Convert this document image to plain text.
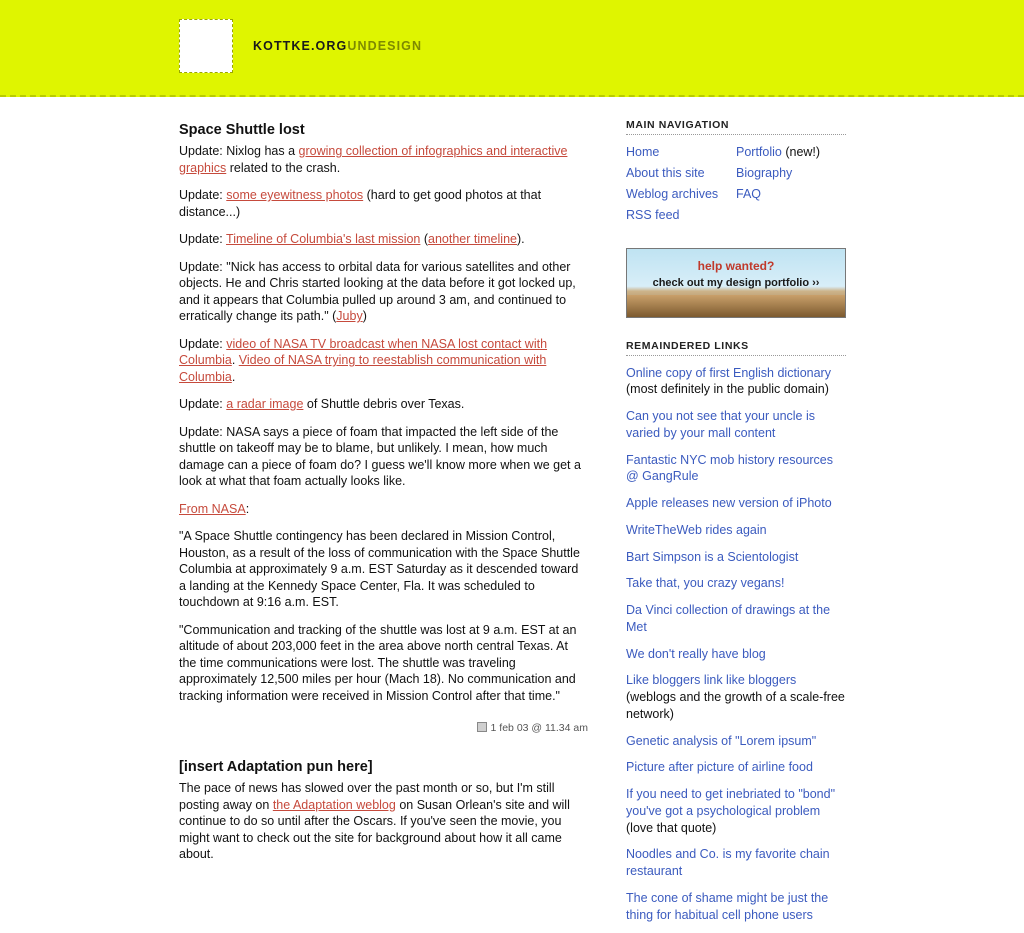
KOTTKE.ORGUNDESIGN
Space Shuttle lost

Update: Nixlog has a growing collection of infographics and interactive graphics related to the crash.

Update: some eyewitness photos (hard to get good photos at that distance...)

Update: Timeline of Columbia's last mission (another timeline).

Update: "Nick has access to orbital data for various satellites and other objects. He and Chris started looking at the data before it got locked up, and it appears that Columbia pulled up around 3 am, and continued to erratically change its path." (Juby)

Update: video of NASA TV broadcast when NASA lost contact with Columbia. Video of NASA trying to reestablish communication with Columbia.

Update: a radar image of Shuttle debris over Texas.

Update: NASA says a piece of foam that impacted the left side of the shuttle on takeoff may be to blame, but unlikely. I mean, how much damage can a piece of foam do? I guess we'll know more when we get a look at what that foam actually looks like.

From NASA:

"A Space Shuttle contingency has been declared in Mission Control, Houston, as a result of the loss of communication with the Space Shuttle Columbia at approximately 9 a.m. EST Saturday as it descended toward a landing at the Kennedy Space Center, Fla. It was scheduled to touchdown at 9:16 a.m. EST.

"Communication and tracking of the shuttle was lost at 9 a.m. EST at an altitude of about 203,000 feet in the area above north central Texas. At the time communications were lost. The shuttle was traveling approximately 12,500 miles per hour (Mach 18). No communication and tracking information were received in Mission Control after that time."

1 feb 03 @ 11.34 am
[insert Adaptation pun here]

The pace of news has slowed over the past month or so, but I'm still posting away on the Adaptation weblog on Susan Orlean's site and will continue to do so until after the Oscars. If you've seen the movie, you might want to check out the site for background about how it all came about.

MAIN NAVIGATION
Home
About this site
Weblog archives
RSS feed
Portfolio (new!)
Biography
FAQ
help wanted?
check out my design portfolio ››
REMAINDERED LINKS
Online copy of first English dictionary (most definitely in the public domain)
Can you not see that your uncle is varied by your mall content
Fantastic NYC mob history resources @ GangRule
Apple releases new version of iPhoto
WriteTheWeb rides again
Bart Simpson is a Scientologist
Take that, you crazy vegans!
Da Vinci collection of drawings at the Met
We don't really have blog
Like bloggers link like bloggers (weblogs and the growth of a scale-free network)
Genetic analysis of "Lorem ipsum"
Picture after picture of airline food
If you need to get inebriated to "bond" you've got a psychological problem (love that quote)
Noodles and Co. is my favorite chain restaurant
The cone of shame might be just the thing for habitual cell phone users
